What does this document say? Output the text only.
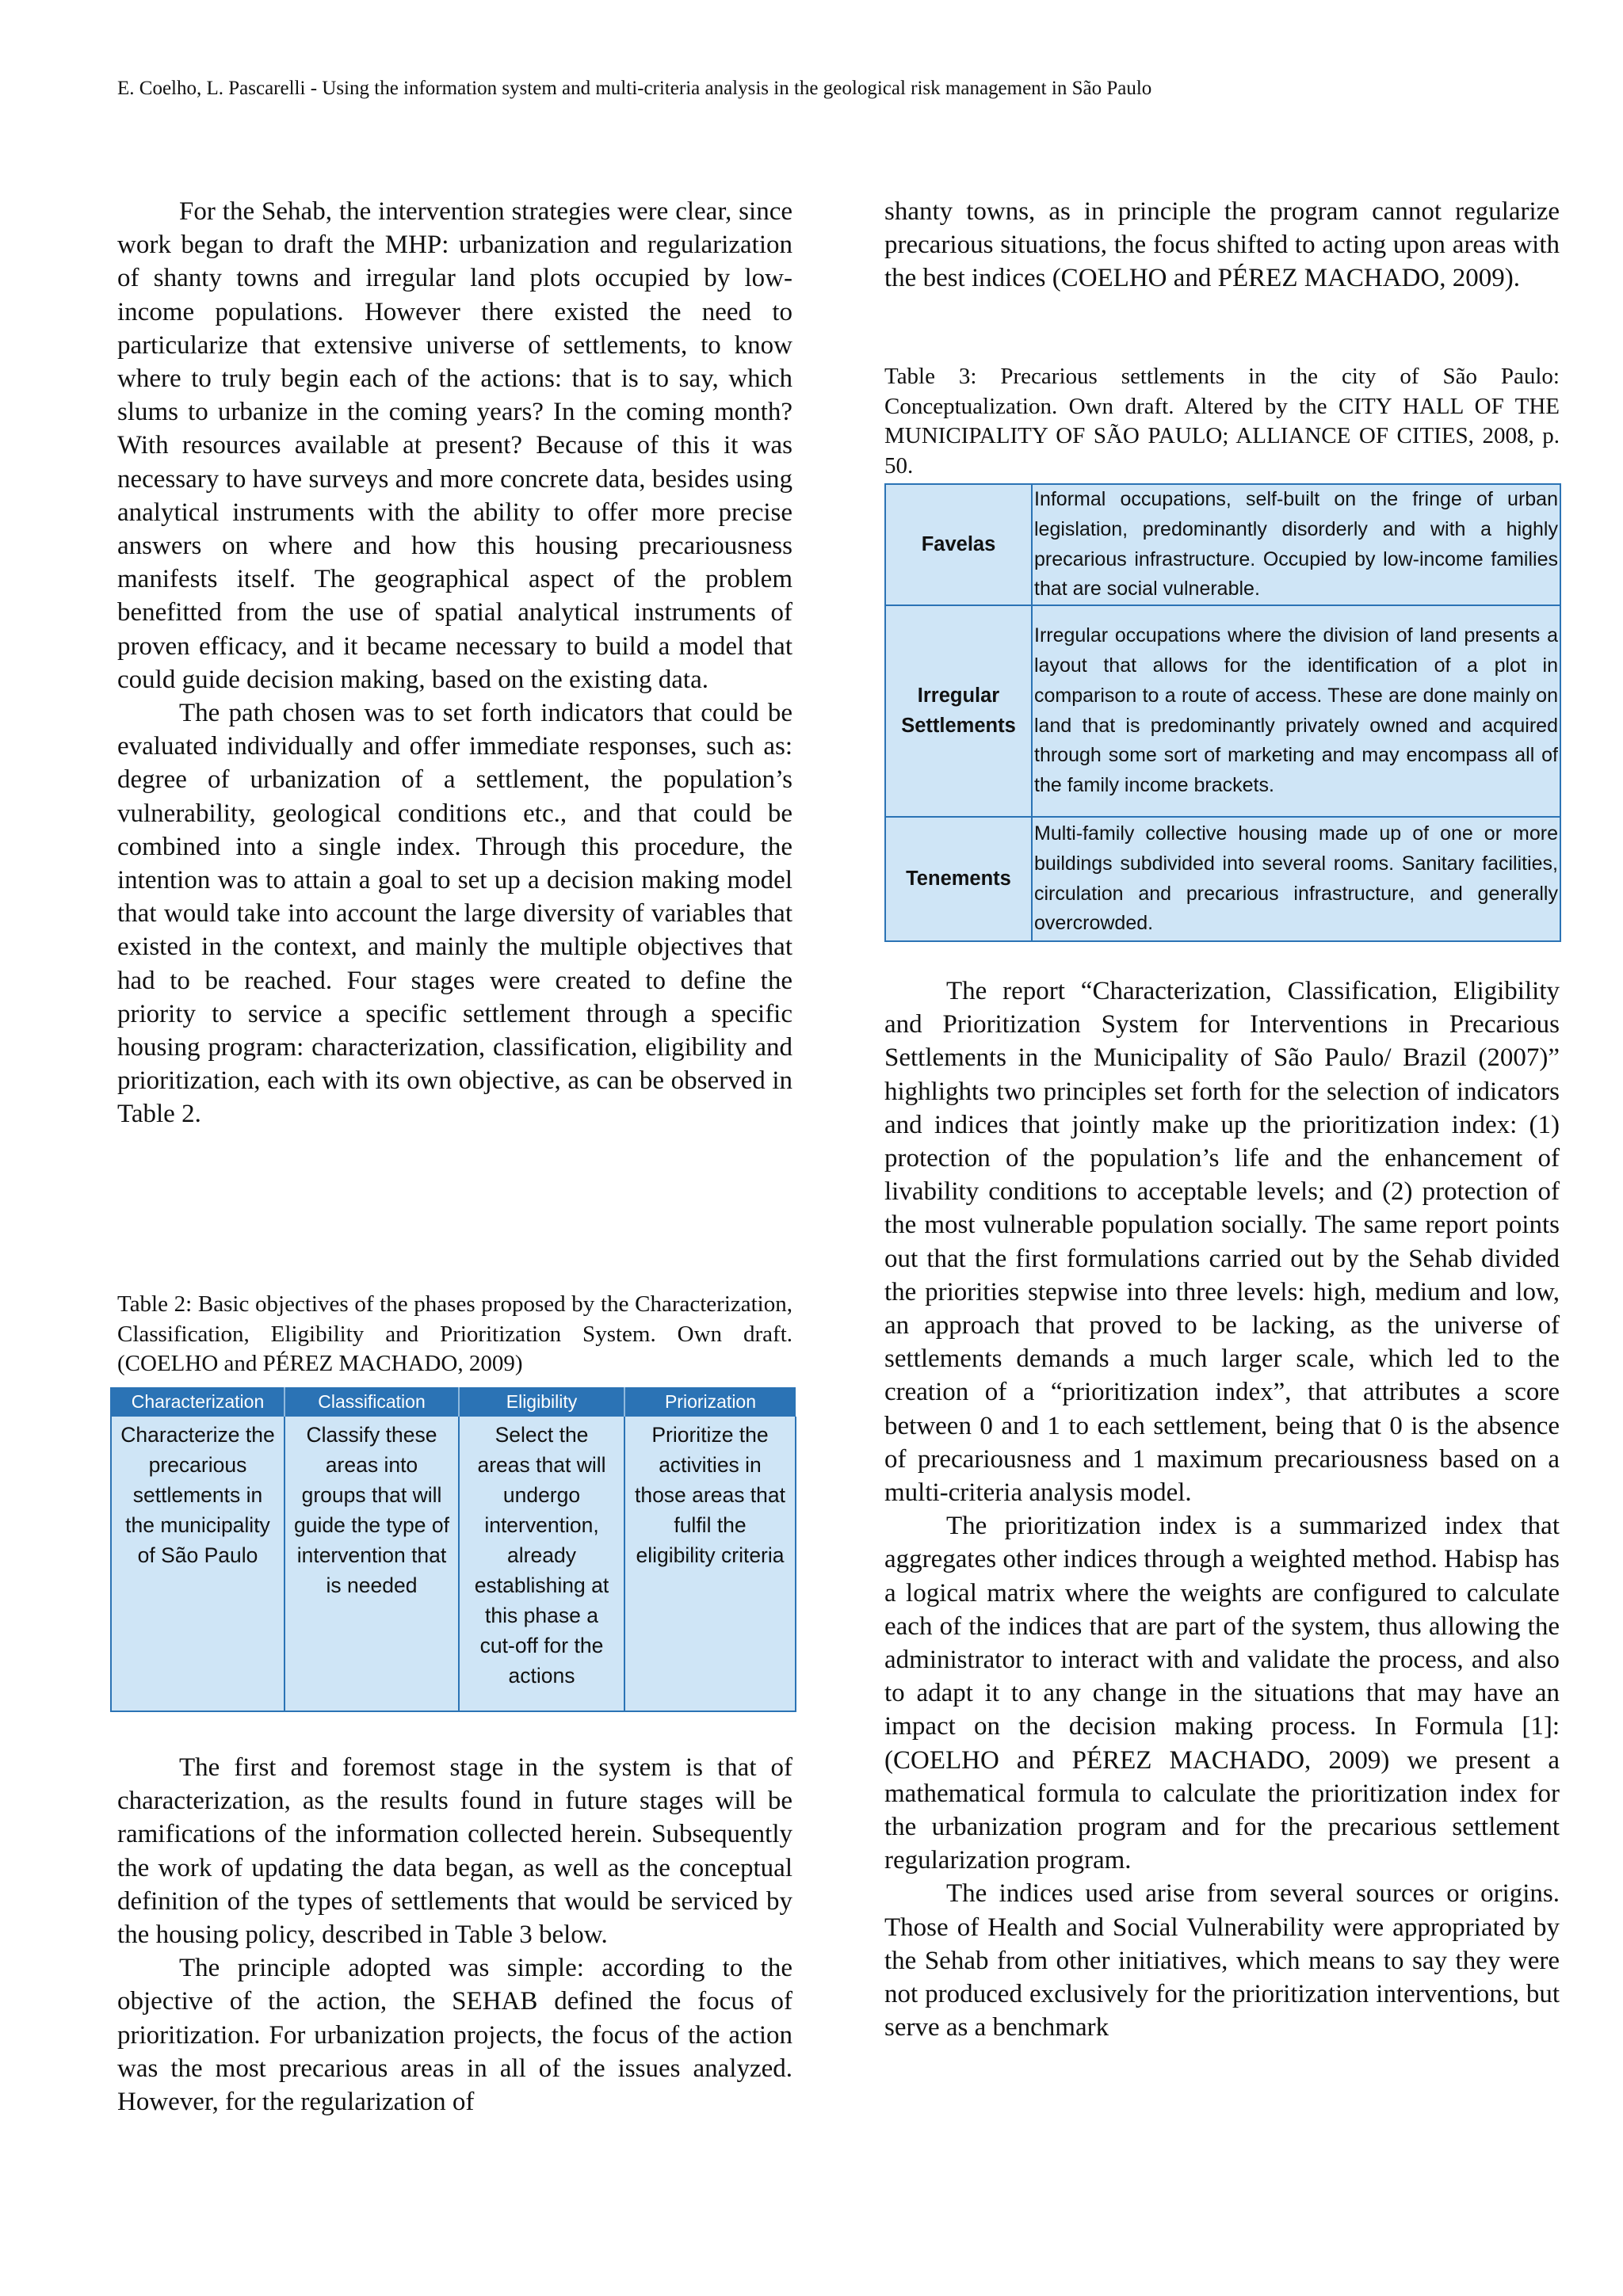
E. Coelho, L. Pascarelli - Using the information system and multi-criteria analysis in the geological risk management in São Paulo

For the Sehab, the intervention strategies were clear, since work began to draft the MHP: urbanization and regularization of shanty towns and irregular land plots occupied by low-income populations. However there existed the need to particularize that extensive universe of settlements, to know where to truly begin each of the actions: that is to say, which slums to urbanize in the coming years? In the coming month? With resources available at present? Because of this it was necessary to have surveys and more concrete data, besides using analytical instruments with the ability to offer more precise answers on where and how this housing precariousness manifests itself. The geographical aspect of the problem benefitted from the use of spatial analytical instruments of proven efficacy, and it became necessary to build a model that could guide decision making, based on the existing data.

The path chosen was to set forth indicators that could be evaluated individually and offer immediate responses, such as: degree of urbanization of a settlement, the population’s vulnerability, geological conditions etc., and that could be combined into a single index. Through this procedure, the intention was to attain a goal to set up a decision making model that would take into account the large diversity of variables that existed in the context, and mainly the multiple objectives that had to be reached. Four stages were created to define the priority to service a specific settlement through a specific housing program: characterization, classification, eligibility and prioritization, each with its own objective, as can be observed in Table 2.

Table 2: Basic objectives of the phases proposed by the Characterization, Classification, Eligibility and Prioritization System. Own draft. (COELHO and PÉREZ MACHADO, 2009)

Characterization	Classification	Eligibility	Priorization
Characterize the precarious settlements in the municipality of São Paulo	Classify these areas into groups that will guide the type of intervention that is needed	Select the areas that will undergo intervention, already establishing at this phase a cut-off for the actions	Prioritize the activities in those areas that fulfil the eligibility criteria

The first and foremost stage in the system is that of characterization, as the results found in future stages will be ramifications of the information collected herein. Subsequently the work of updating the data began, as well as the conceptual definition of the types of settlements that would be serviced by the housing policy, described in Table 3 below.

The principle adopted was simple: according to the objective of the action, the SEHAB defined the focus of prioritization. For urbanization projects, the focus of the action was the most precarious areas in all of the issues analyzed. However, for the regularization of

shanty towns, as in principle the program cannot regularize precarious situations, the focus shifted to acting upon areas with the best indices (COELHO and PÉREZ MACHADO, 2009).

Table 3: Precarious settlements in the city of São Paulo: Conceptualization. Own draft. Altered by the CITY HALL OF THE MUNICIPALITY OF SÃO PAULO; ALLIANCE OF CITIES, 2008, p. 50.

Favelas	Informal occupations, self-built on the fringe of urban legislation, predominantly disorderly and with a highly precarious infrastructure. Occupied by low-income families that are social vulnerable.
Irregular Settlements	Irregular occupations where the division of land presents a layout that allows for the identification of a plot in comparison to a route of access. These are done mainly on land that is predominantly privately owned and acquired through some sort of marketing and may encompass all of the family income brackets.
Tenements	Multi-family collective housing made up of one or more buildings subdivided into several rooms. Sanitary facilities, circulation and precarious infrastructure, and generally overcrowded.

The report “Characterization, Classification, Eligibility and Prioritization System for Interventions in Precarious Settlements in the Municipality of São Paulo/ Brazil (2007)” highlights two principles set forth for the selection of indicators and indices that jointly make up the prioritization index: (1) protection of the population’s life and the enhancement of livability conditions to acceptable levels; and (2) protection of the most vulnerable population socially. The same report points out that the first formulations carried out by the Sehab divided the priorities stepwise into three levels: high, medium and low, an approach that proved to be lacking, as the universe of settlements demands a much larger scale, which led to the creation of a “prioritization index”, that attributes a score between 0 and 1 to each settlement, being that 0 is the absence of precariousness and 1 maximum precariousness based on a multi-criteria analysis model.

The prioritization index is a summarized index that aggregates other indices through a weighted method. Habisp has a logical matrix where the weights are configured to calculate each of the indices that are part of the system, thus allowing the administrator to interact with and validate the process, and also to adapt it to any change in the situations that may have an impact on the decision making process. In Formula [1]: (COELHO and PÉREZ MACHADO, 2009) we present a mathematical formula to calculate the prioritization index for the urbanization program and for the precarious settlement regularization program.

The indices used arise from several sources or origins. Those of Health and Social Vulnerability were appropriated by the Sehab from other initiatives, which means to say they were not produced exclusively for the prioritization interventions, but serve as a benchmark
